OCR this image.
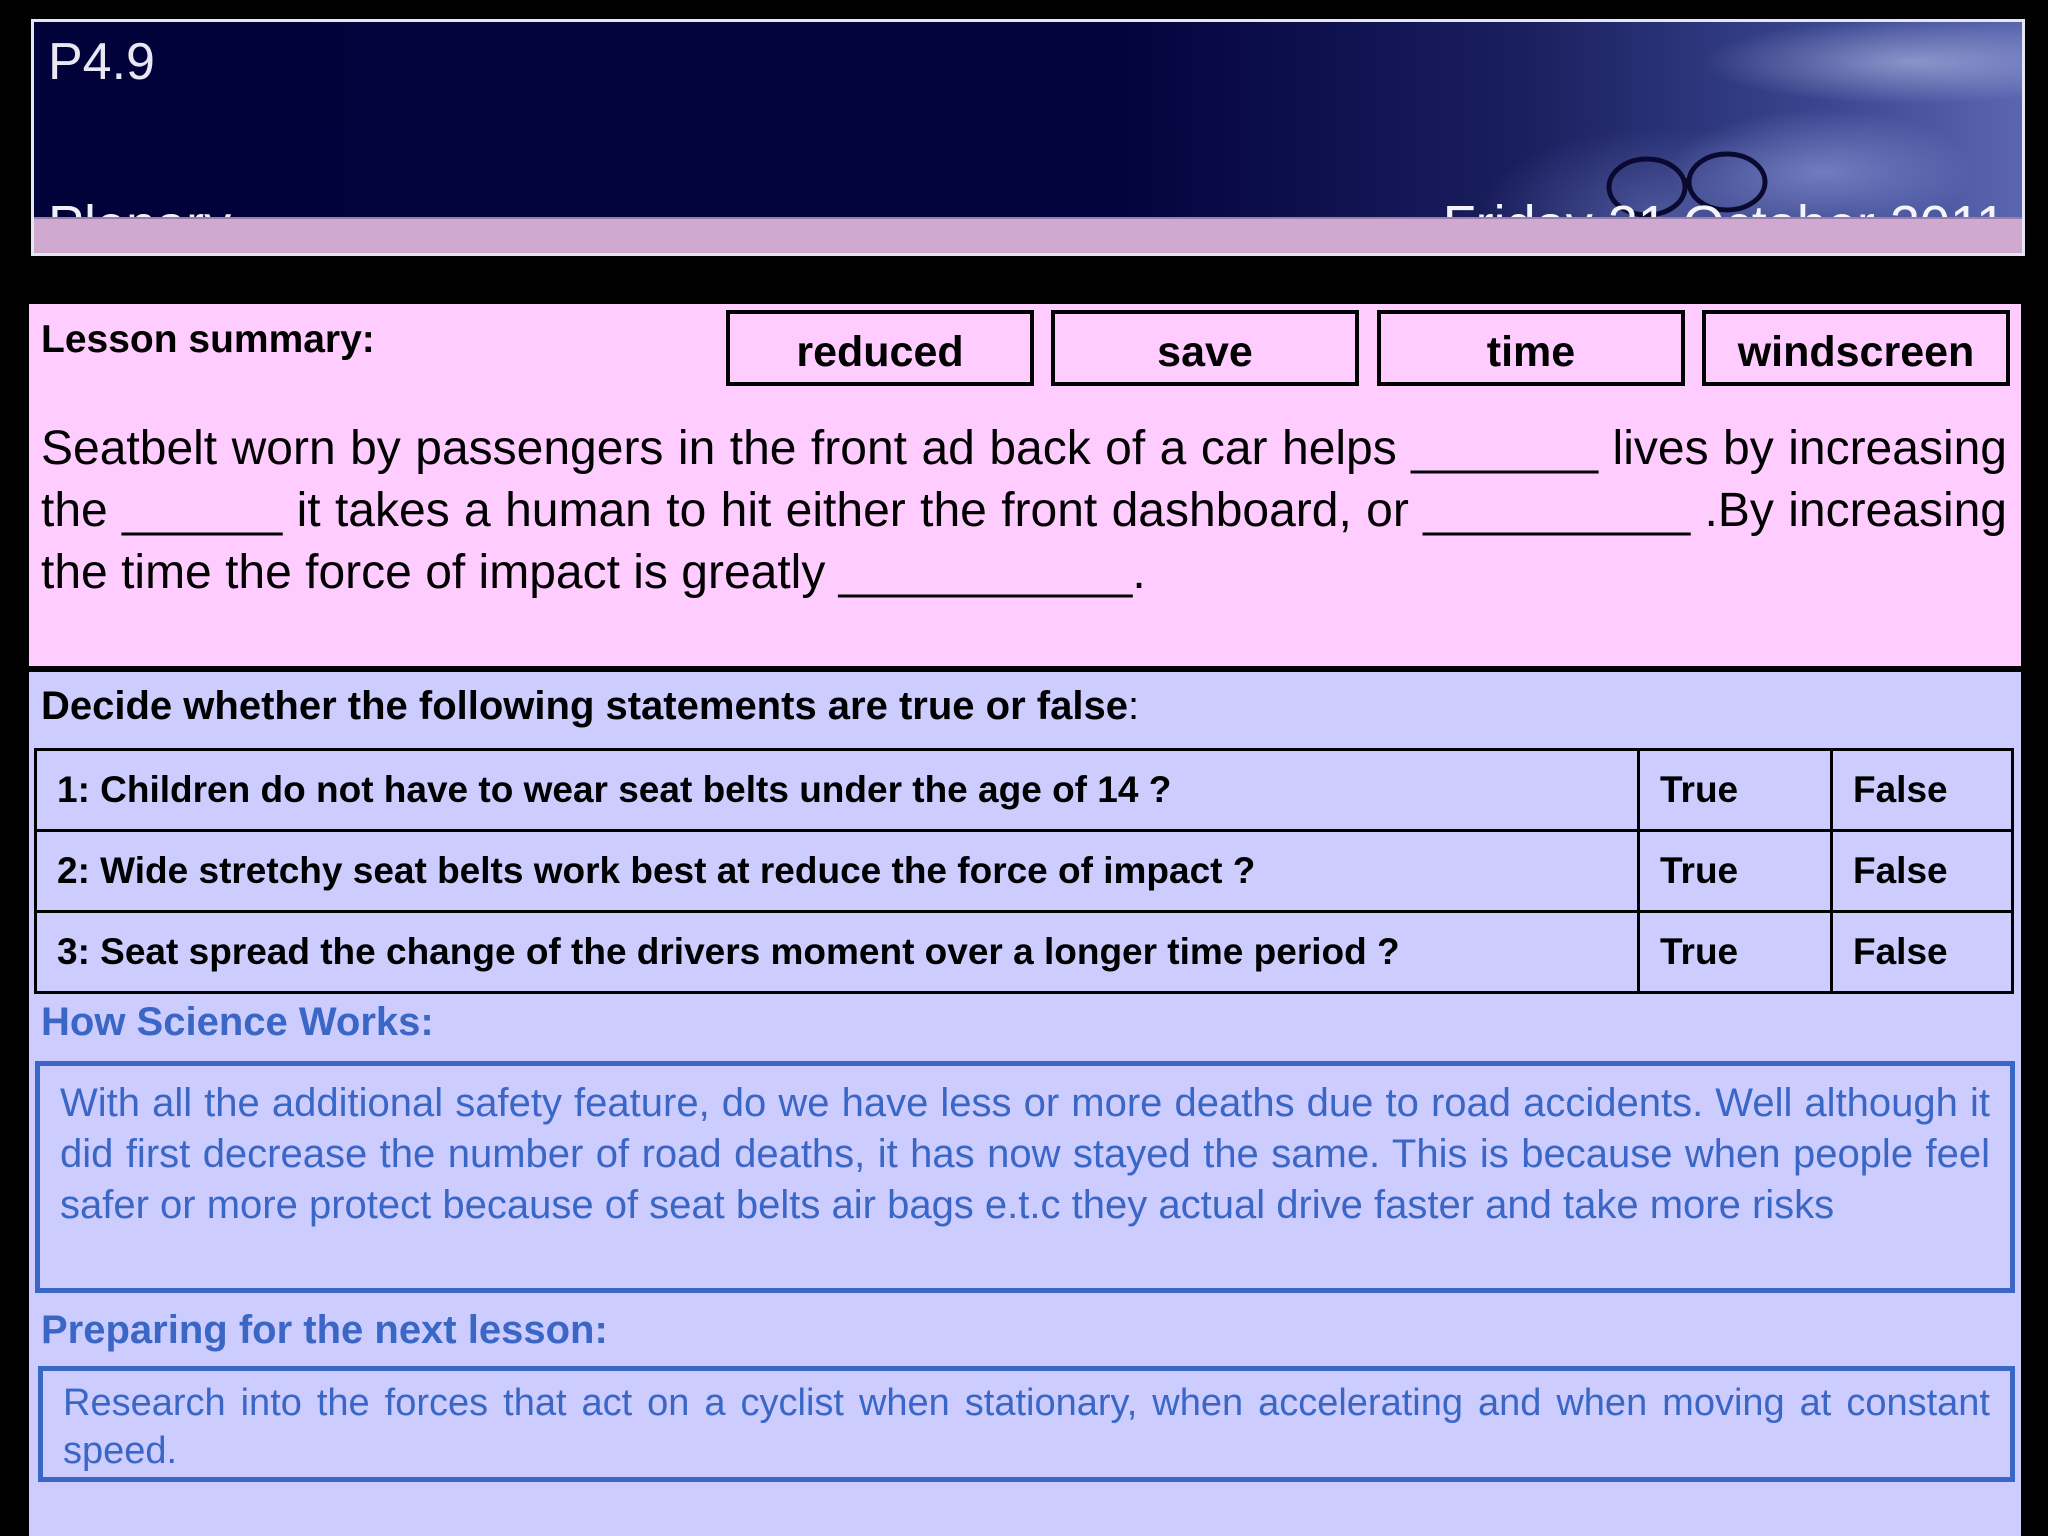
P4.9
Lesson summary:	reduced	save	time	windscreen
Seatbelt worn by passengers in the front ad back of a car helps _______ lives by increasing the ______ it takes a human to hit either the front dashboard, or __________ .By increasing the time the force of impact is greatly ___________.
Decide whether the following statements are true or false:
1: Children do not have to wear seat belts under the age of 14 ?	True	False
2: Wide stretchy seat belts work best at reduce the force of impact ?	True	False
3: Seat spread the change of the drivers moment over a longer time period ?	True	False
How Science Works:
With all the additional safety feature, do we have less or more deaths due to road accidents. Well although it did first decrease the number of road deaths, it has now stayed the same. This is because when people feel safer or more protect because of seat belts air bags e.t.c they actual drive faster and take more risks
Preparing for the next lesson:
Research into the forces that act on a cyclist when stationary, when accelerating and when moving at constant speed.
